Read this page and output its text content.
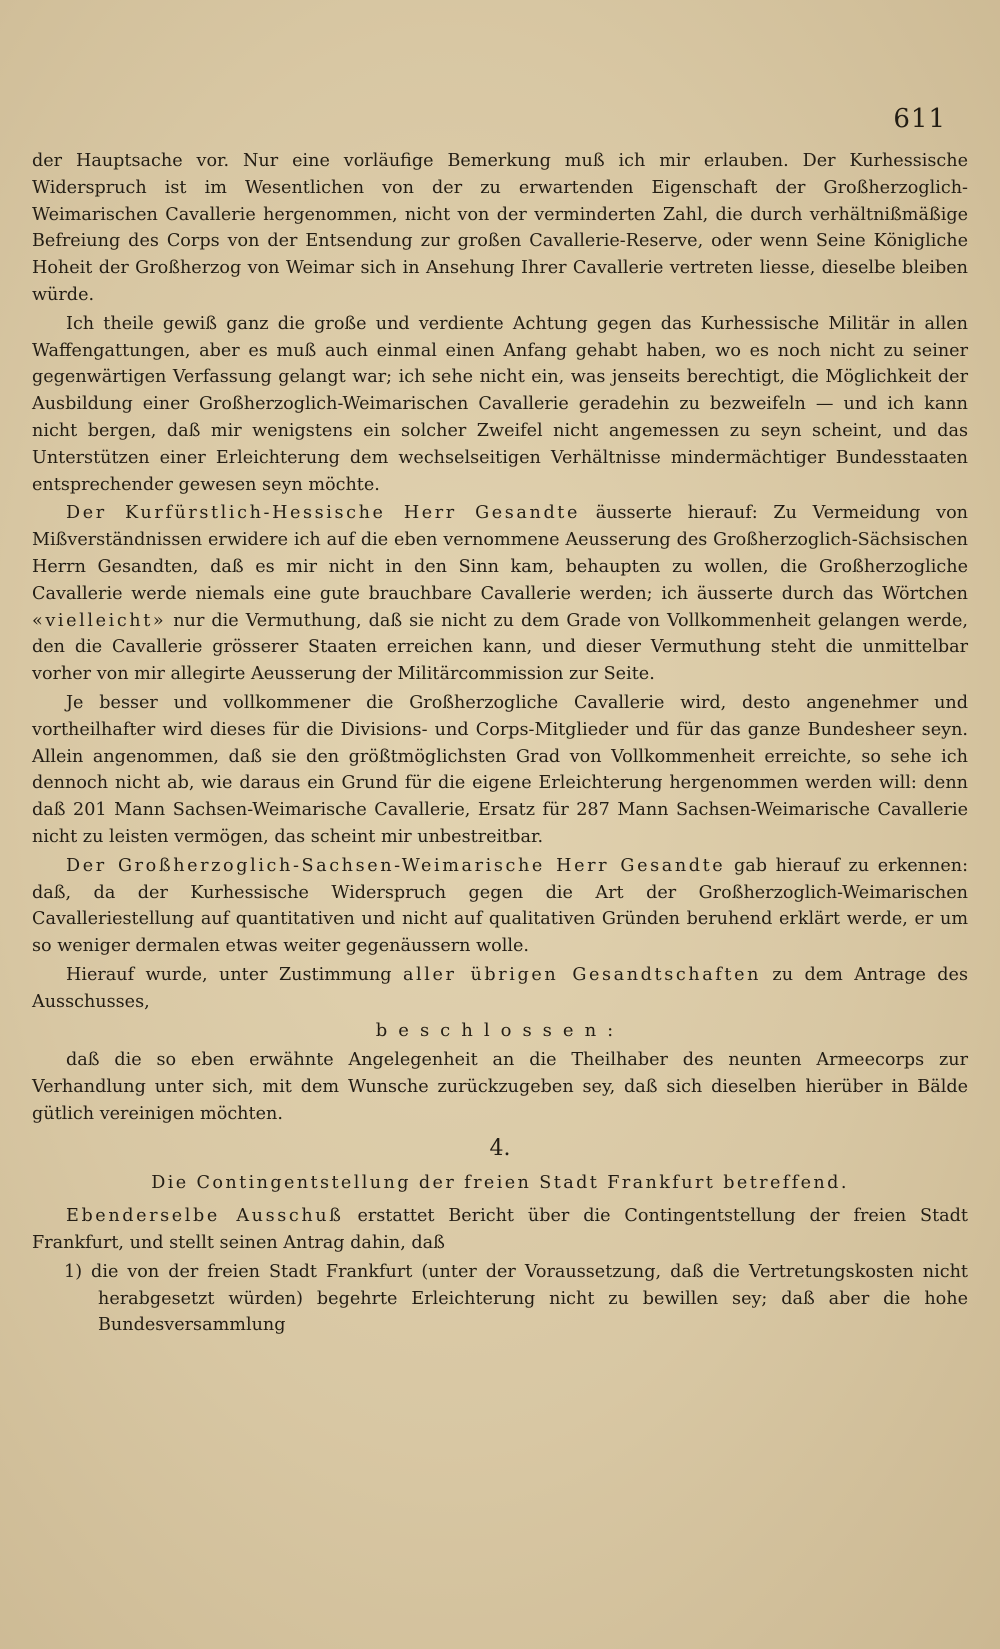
611

der Hauptsache vor. Nur eine vorläufige Bemerkung muß ich mir erlauben. Der Kurhessische Widerspruch ist im Wesentlichen von der zu erwartenden Eigenschaft der Großherzoglich-Weimarischen Cavallerie hergenommen, nicht von der verminderten Zahl, die durch verhältnißmäßige Befreiung des Corps von der Entsendung zur großen Cavallerie-Reserve, oder wenn Seine Königliche Hoheit der Großherzog von Weimar sich in Ansehung Ihrer Cavallerie vertreten liesse, dieselbe bleiben würde.

Ich theile gewiß ganz die große und verdiente Achtung gegen das Kurhessische Militär in allen Waffengattungen, aber es muß auch einmal einen Anfang gehabt haben, wo es noch nicht zu seiner gegenwärtigen Verfassung gelangt war; ich sehe nicht ein, was jenseits berechtigt, die Möglichkeit der Ausbildung einer Großherzoglich-Weimarischen Cavallerie geradehin zu bezweifeln — und ich kann nicht bergen, daß mir wenigstens ein solcher Zweifel nicht angemessen zu seyn scheint, und das Unterstützen einer Erleichterung dem wechselseitigen Verhältnisse mindermächtiger Bundesstaaten entsprechender gewesen seyn möchte.

Der Kurfürstlich-Hessische Herr Gesandte äusserte hierauf: Zu Vermeidung von Mißverständnissen erwidere ich auf die eben vernommene Aeusserung des Großherzoglich-Sächsischen Herrn Gesandten, daß es mir nicht in den Sinn kam, behaupten zu wollen, die Großherzogliche Cavallerie werde niemals eine gute brauchbare Cavallerie werden; ich äusserte durch das Wörtchen «vielleicht» nur die Vermuthung, daß sie nicht zu dem Grade von Vollkommenheit gelangen werde, den die Cavallerie grösserer Staaten erreichen kann, und dieser Vermuthung steht die unmittelbar vorher von mir allegirte Aeusserung der Militärcommission zur Seite.

Je besser und vollkommener die Großherzogliche Cavallerie wird, desto angenehmer und vortheilhafter wird dieses für die Divisions- und Corps-Mitglieder und für das ganze Bundesheer seyn. Allein angenommen, daß sie den größtmöglichsten Grad von Vollkommenheit erreichte, so sehe ich dennoch nicht ab, wie daraus ein Grund für die eigene Erleichterung hergenommen werden will: denn daß 201 Mann Sachsen-Weimarische Cavallerie, Ersatz für 287 Mann Sachsen-Weimarische Cavallerie nicht zu leisten vermögen, das scheint mir unbestreitbar.

Der Großherzoglich-Sachsen-Weimarische Herr Gesandte gab hierauf zu erkennen: daß, da der Kurhessische Widerspruch gegen die Art der Großherzoglich-Weimarischen Cavalleriestellung auf quantitativen und nicht auf qualitativen Gründen beruhend erklärt werde, er um so weniger dermalen etwas weiter gegenäussern wolle.

Hierauf wurde, unter Zustimmung aller übrigen Gesandtschaften zu dem Antrage des Ausschusses,

beschlossen:

daß die so eben erwähnte Angelegenheit an die Theilhaber des neunten Armeecorps zur Verhandlung unter sich, mit dem Wunsche zurückzugeben sey, daß sich dieselben hierüber in Bälde gütlich vereinigen möchten.

4.

Die Contingentstellung der freien Stadt Frankfurt betreffend.

Ebenderselbe Ausschuß erstattet Bericht über die Contingentstellung der freien Stadt Frankfurt, und stellt seinen Antrag dahin, daß

1) die von der freien Stadt Frankfurt (unter der Voraussetzung, daß die Vertretungskosten nicht herabgesetzt würden) begehrte Erleichterung nicht zu bewillen sey; daß aber die hohe Bundesversammlung
